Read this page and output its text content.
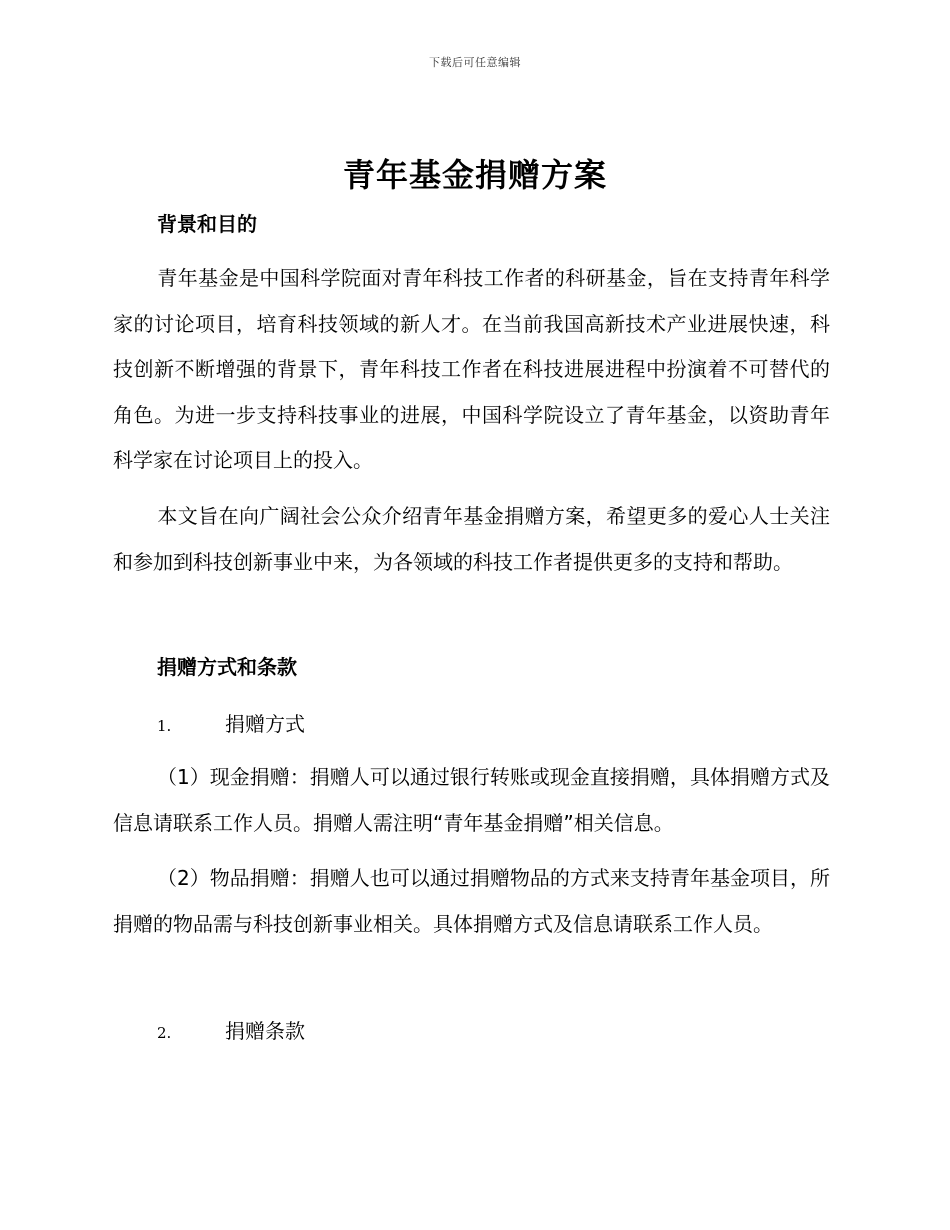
下载后可任意编辑
青年基金捐赠方案
背景和目的

青年基金是中国科学院面对青年科技工作者的科研基金，旨在支持青年科学家的讨论项目，培育科技领域的新人才。在当前我国高新技术产业进展快速，科技创新不断增强的背景下，青年科技工作者在科技进展进程中扮演着不可替代的角色。为进一步支持科技事业的进展，中国科学院设立了青年基金，以资助青年科学家在讨论项目上的投入。

本文旨在向广阔社会公众介绍青年基金捐赠方案，希望更多的爱心人士关注和参加到科技创新事业中来，为各领域的科技工作者提供更多的支持和帮助。

捐赠方式和条款
1.	捐赠方式

（1）现金捐赠：捐赠人可以通过银行转账或现金直接捐赠，具体捐赠方式及信息请联系工作人员。捐赠人需注明“青年基金捐赠”相关信息。

（2）物品捐赠：捐赠人也可以通过捐赠物品的方式来支持青年基金项目，所捐赠的物品需与科技创新事业相关。具体捐赠方式及信息请联系工作人员。

2.	捐赠条款
